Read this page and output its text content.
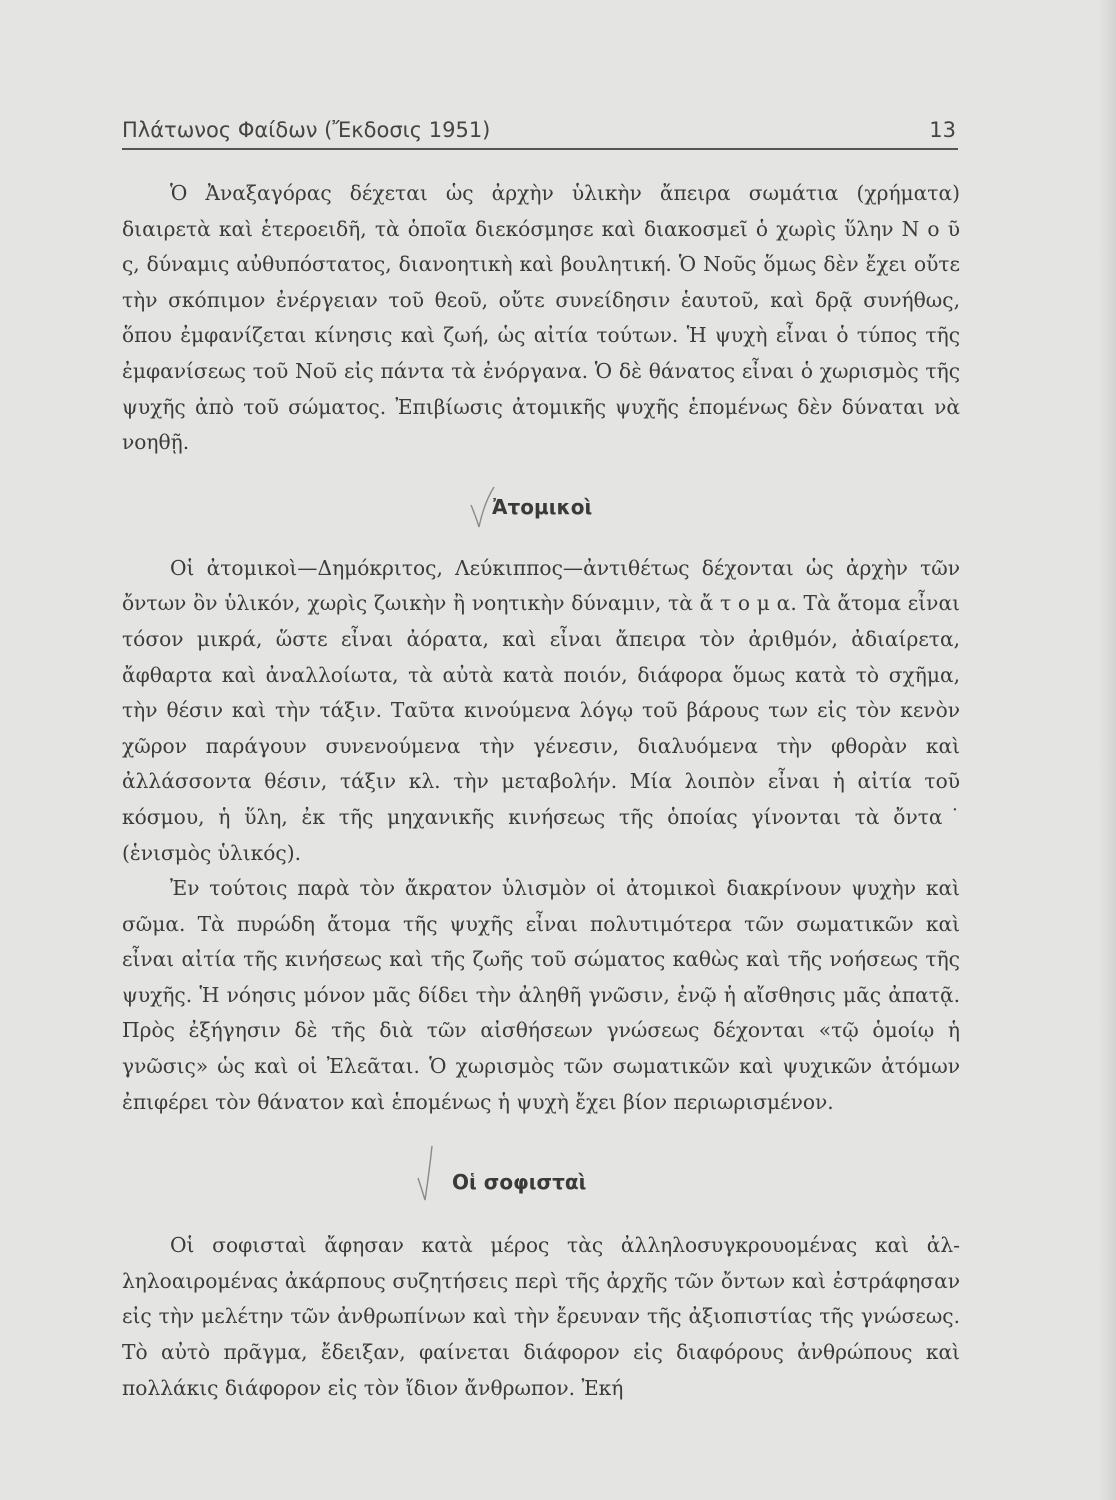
Πλάτωνος Φαίδων (Ἔκδοσις 1951)	13

Ὁ Ἀναξαγόρας δέχεται ὡς ἀρχὴν ὑλικὴν ἄπειρα σωμάτια (χρήματα) διαιρετὰ καὶ ἑτεροειδῆ, τὰ ὁποῖα διεκόσμησε καὶ διακοσμεῖ ὁ χωρὶς ὕλην Ν ο ῦ ς, δύναμις αὐθυπόστατος, διανοητικὴ καὶ βουλητική. Ὁ Νοῦς ὅμως δὲν ἔχει οὔτε τὴν σκόπιμον ἐνέργειαν τοῦ θεοῦ, οὔτε συνείδησιν ἑαυτοῦ, καὶ δρᾷ συνήθως, ὅπου ἐμφανίζεται κίνησις καὶ ζωή, ὡς αἰτία τούτων. Ἡ ψυχὴ εἶναι ὁ τύπος τῆς ἐμφανίσεως τοῦ Νοῦ εἰς πάντα τὰ ἐνόργανα. Ὁ δὲ θάνατος εἶναι ὁ χωρισμὸς τῆς ψυχῆς ἀπὸ τοῦ σώματος. Ἐπιβίωσις ἀτομικῆς ψυχῆς ἑπομένως δὲν δύναται νὰ νοηθῇ.

Ἀτομικοὶ

Οἱ ἀτομικοὶ—Δημόκριτος, Λεύκιππος—ἀντιθέτως δέχονται ὡς ἀρχὴν τῶν ὄντων ὂν ὑλικόν, χωρὶς ζωικὴν ἢ νοητικὴν δύναμιν, τὰ ἄ τ ο μ α. Τὰ ἄτομα εἶναι τόσον μικρά, ὥστε εἶναι ἀόρατα, καὶ εἶναι ἄπειρα τὸν ἀριθμόν, ἀδιαίρετα, ἄφθαρτα καὶ ἀναλλοίωτα, τὰ αὐτὰ κατὰ ποιόν, διάφορα ὅμως κατὰ τὸ σχῆμα, τὴν θέσιν καὶ τὴν τάξιν. Ταῦτα κινούμενα λόγῳ τοῦ βάρους των εἰς τὸν κενὸν χῶρον παράγουν συνενούμενα τὴν γένεσιν, διαλυόμενα τὴν φθορὰν καὶ ἀλλάσσοντα θέσιν, τάξιν κλ. τὴν μεταβολήν. Μία λοιπὸν εἶναι ἡ αἰτία τοῦ κόσμου, ἡ ὕλη, ἐκ τῆς μηχανικῆς κινήσεως τῆς ὁποίας γίνονται τὰ ὄντα˙ (ἑνισμὸς ὑλικός).

Ἐν τούτοις παρὰ τὸν ἄκρατον ὑλισμὸν οἱ ἀτομικοὶ διακρίνουν ψυχὴν καὶ σῶμα. Τὰ πυρώδη ἄτομα τῆς ψυχῆς εἶναι πολυτιμότερα τῶν σωματικῶν καὶ εἶναι αἰτία τῆς κινήσεως καὶ τῆς ζωῆς τοῦ σώματος καθὼς καὶ τῆς νοήσεως τῆς ψυχῆς. Ἡ νόησις μόνον μᾶς δίδει τὴν ἀληθῆ γνῶσιν, ἐνῷ ἡ αἴσθησις μᾶς ἀπατᾷ. Πρὸς ἐξήγησιν δὲ τῆς διὰ τῶν αἰσθήσεων γνώσεως δέχονται «τῷ ὁμοίῳ ἡ γνῶσις» ὡς καὶ οἱ Ἐλεᾶται. Ὁ χωρισμὸς τῶν σωματικῶν καὶ ψυχικῶν ἀτόμων ἐπιφέρει τὸν θάνατον καὶ ἑπομένως ἡ ψυχὴ ἔχει βίον περιωρισμένον.

Οἱ σοφισταὶ

Οἱ σοφισταὶ ἄφησαν κατὰ μέρος τὰς ἀλληλοσυγκρουομένας καὶ ἀλληλοαιρομένας ἀκάρπους συζητήσεις περὶ τῆς ἀρχῆς τῶν ὄντων καὶ ἐστράφησαν εἰς τὴν μελέτην τῶν ἀνθρωπίνων καὶ τὴν ἔρευναν τῆς ἀξιοπιστίας τῆς γνώσεως. Τὸ αὐτὸ πρᾶγμα, ἔδειξαν, φαίνεται διάφορον εἰς διαφόρους ἀνθρώπους καὶ πολλάκις διάφορον εἰς τὸν ἴδιον ἄνθρωπον. Ἐκή
